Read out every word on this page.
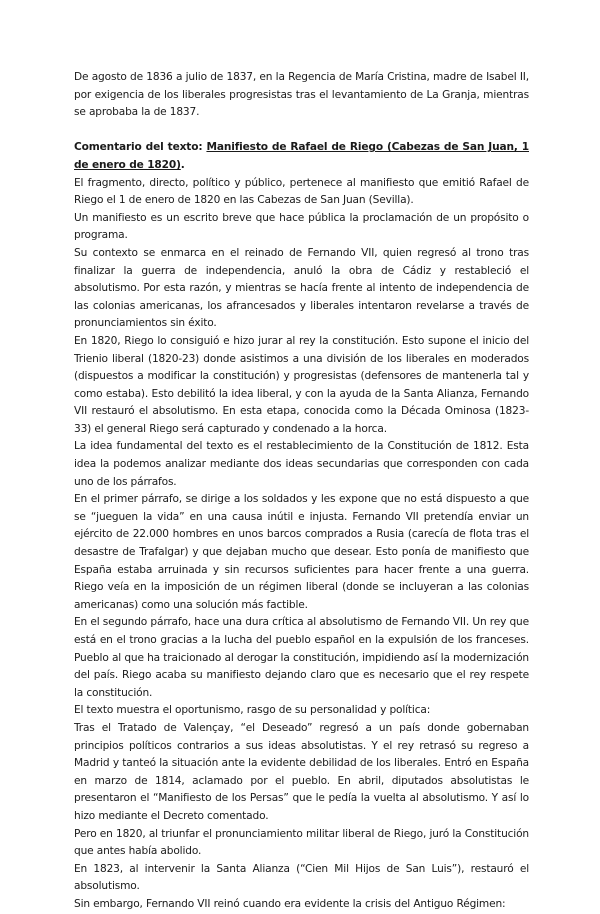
De agosto de 1836 a julio de 1837, en la Regencia de María Cristina, madre de Isabel II, por exigencia de los liberales progresistas tras el levantamiento de La Granja, mientras se aprobaba la de 1837.

Comentario del texto: Manifiesto de Rafael de Riego (Cabezas de San Juan, 1 de enero de 1820).

El fragmento, directo, político y público, pertenece al manifiesto que emitió Rafael de Riego el 1 de enero de 1820 en las Cabezas de San Juan (Sevilla).

Un manifiesto es un escrito breve que hace pública la proclamación de un propósito o programa.

Su contexto se enmarca en el reinado de Fernando VII, quien regresó al trono tras finalizar la guerra de independencia, anuló la obra de Cádiz y restableció el absolutismo. Por esta razón, y mientras se hacía frente al intento de independencia de las colonias americanas, los afrancesados y liberales intentaron revelarse a través de pronunciamientos sin éxito.

En 1820, Riego lo consiguió e hizo jurar al rey la constitución. Esto supone el inicio del Trienio liberal (1820-23) donde asistimos a una división de los liberales en moderados (dispuestos a modificar la constitución) y progresistas (defensores de mantenerla tal y como estaba). Esto debilitó la idea liberal, y con la ayuda de la Santa Alianza, Fernando VII restauró el absolutismo. En esta etapa, conocida como la Década Ominosa (1823-33) el general Riego será capturado y condenado a la horca.

La idea fundamental del texto es el restablecimiento de la Constitución de 1812. Esta idea la podemos analizar mediante dos ideas secundarias que corresponden con cada uno de los párrafos.

En el primer párrafo, se dirige a los soldados y les expone que no está dispuesto a que se “jueguen la vida” en una causa inútil e injusta. Fernando VII pretendía enviar un ejército de 22.000 hombres en unos barcos comprados a Rusia (carecía de flota tras el desastre de Trafalgar) y que dejaban mucho que desear. Esto ponía de manifiesto que España estaba arruinada y sin recursos suficientes para hacer frente a una guerra. Riego veía en la imposición de un régimen liberal (donde se incluyeran a las colonias americanas) como una solución más factible.

En el segundo párrafo, hace una dura crítica al absolutismo de Fernando VII. Un rey que está en el trono gracias a la lucha del pueblo español en la expulsión de los franceses. Pueblo al que ha traicionado al derogar la constitución, impidiendo así la modernización del país. Riego acaba su manifiesto dejando claro que es necesario que el rey respete la constitución.

El texto muestra el oportunismo, rasgo de su personalidad y política:

Tras el Tratado de Valençay, “el Deseado” regresó a un país donde gobernaban principios políticos contrarios a sus ideas absolutistas. Y el rey retrasó su regreso a Madrid y tanteó la situación ante la evidente debilidad de los liberales. Entró en España en marzo de 1814, aclamado por el pueblo. En abril, diputados absolutistas le presentaron el “Manifiesto de los Persas” que le pedía la vuelta al absolutismo. Y así lo hizo mediante el Decreto comentado.

Pero en 1820, al triunfar el pronunciamiento militar liberal de Riego, juró la Constitución que antes había abolido.

En 1823, al intervenir la Santa Alianza (“Cien Mil Hijos de San Luis”), restauró el absolutismo.

Sin embargo, Fernando VII reinó cuando era evidente la crisis del Antiguo Régimen:
